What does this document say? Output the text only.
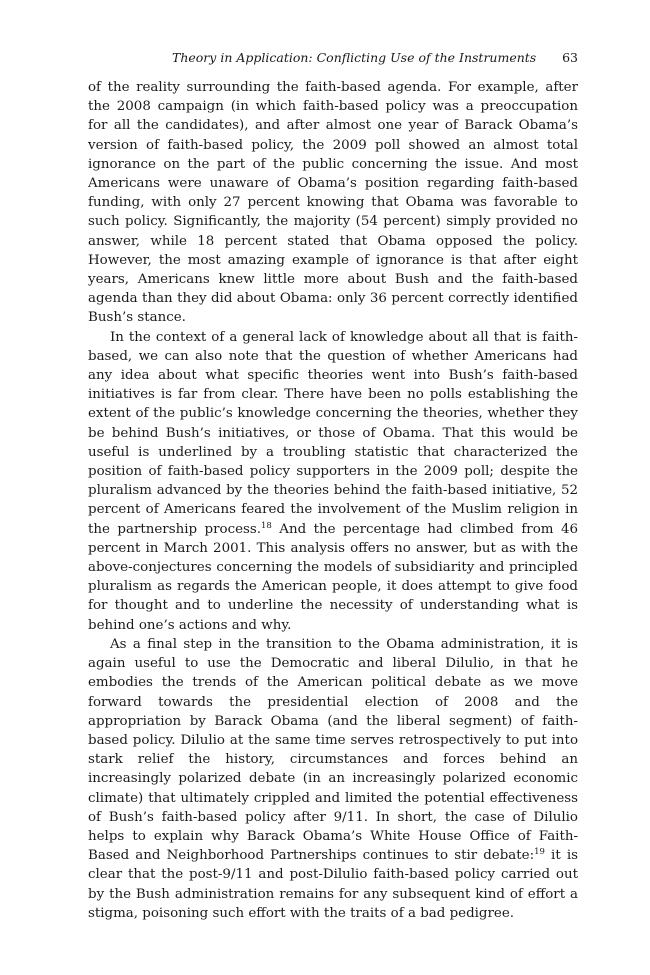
Theory in Application: Conflicting Use of the Instruments 63

of the reality surrounding the faith-based agenda. For example, after the 2008 campaign (in which faith-based policy was a preoccupation for all the candidates), and after almost one year of Barack Obama’s version of faith-based policy, the 2009 poll showed an almost total ignorance on the part of the public concerning the issue. And most Americans were unaware of Obama’s position regarding faith-based funding, with only 27 percent knowing that Obama was favorable to such policy. Significantly, the majority (54 percent) simply provided no answer, while 18 percent stated that Obama opposed the policy. However, the most amazing example of ignorance is that after eight years, Americans knew little more about Bush and the faith-based agenda than they did about Obama: only 36 percent correctly identified Bush’s stance.

In the context of a general lack of knowledge about all that is faith-based, we can also note that the question of whether Americans had any idea about what specific theories went into Bush’s faith-based initiatives is far from clear. There have been no polls establishing the extent of the public’s knowledge concerning the theories, whether they be behind Bush’s initiatives, or those of Obama. That this would be useful is underlined by a troubling statistic that characterized the position of faith-based policy supporters in the 2009 poll; despite the pluralism advanced by the theories behind the faith-based initiative, 52 percent of Americans feared the involvement of the Muslim religion in the partnership process.$^{18}$ And the percentage had climbed from 46 percent in March 2001. This analysis offers no answer, but as with the above-conjectures concerning the models of subsidiarity and principled pluralism as regards the American people, it does attempt to give food for thought and to underline the necessity of understanding what is behind one’s actions and why.

As a final step in the transition to the Obama administration, it is again useful to use the Democratic and liberal Dilulio, in that he embodies the trends of the American political debate as we move forward towards the presidential election of 2008 and the appropriation by Barack Obama (and the liberal segment) of faith-based policy. Dilulio at the same time serves retrospectively to put into stark relief the history, circumstances and forces behind an increasingly polarized debate (in an increasingly polarized economic climate) that ultimately crippled and limited the potential effectiveness of Bush’s faith-based policy after 9/11. In short, the case of Dilulio helps to explain why Barack Obama’s White House Office of Faith-Based and Neighborhood Partnerships continues to stir debate:$^{19}$ it is clear that the post-9/11 and post-Dilulio faith-based policy carried out by the Bush administration remains for any subsequent kind of effort a stigma, poisoning such effort with the traits of a bad pedigree.
